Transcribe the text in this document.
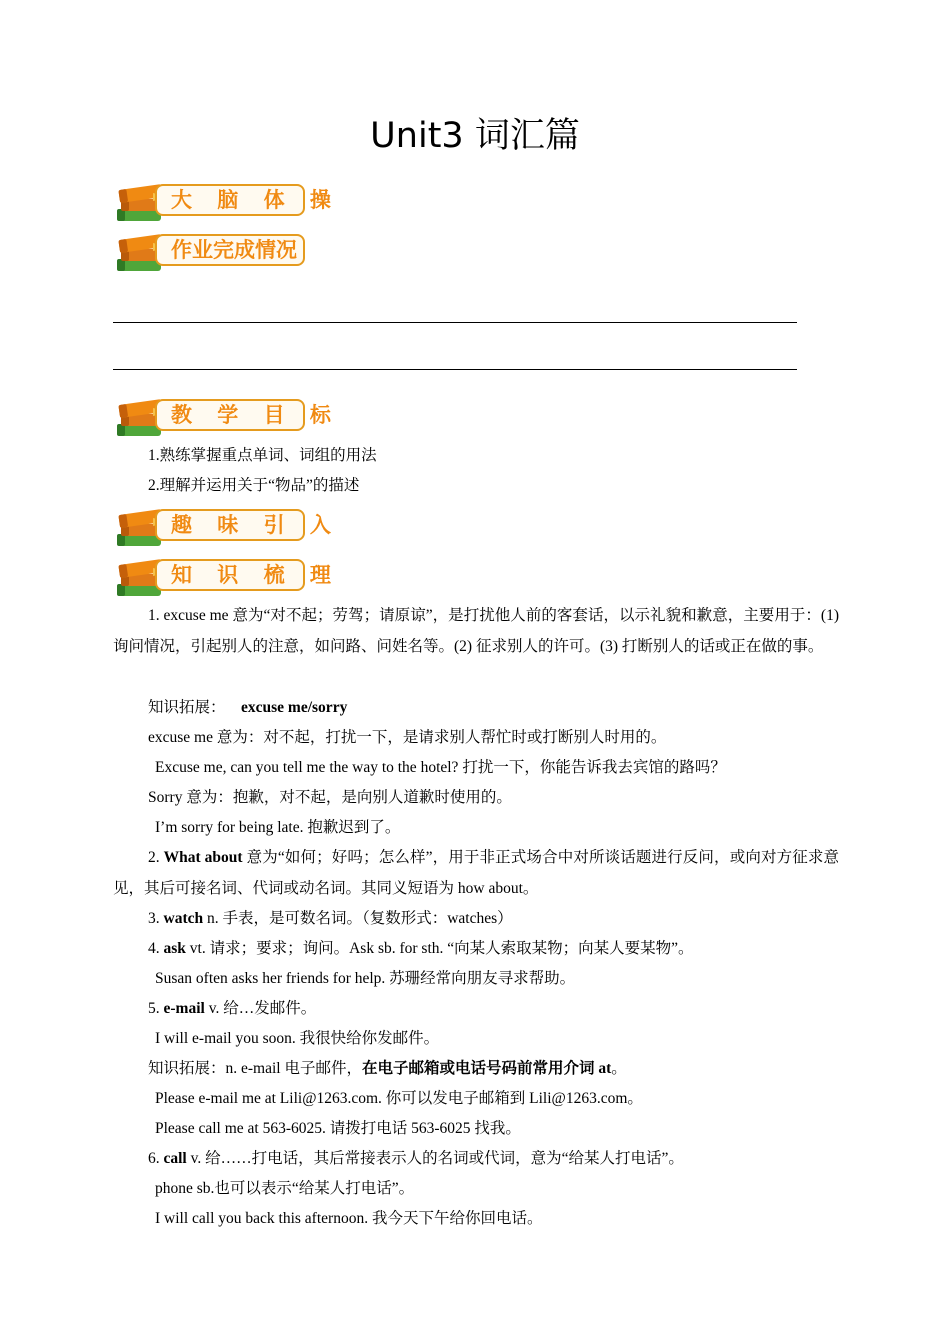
Unit3 词汇篇
大 脑 体 操
作业完成情况
教 学 目 标
1.熟练掌握重点单词、词组的用法
2.理解并运用关于“物品”的描述
趣 味 引 入
知 识 梳 理
1. excuse me 意为“对不起；劳驾；请原谅”，是打扰他人前的客套话，以示礼貌和歉意，主要用于：(1) 询问情况，引起别人的注意，如问路、问姓名等。(2) 征求别人的许可。(3) 打断别人的话或正在做的事。
知识拓展： excuse me/sorry
excuse me 意为：对不起，打扰一下，是请求别人帮忙时或打断别人时用的。
Excuse me, can you tell me the way to the hotel? 打扰一下，你能告诉我去宾馆的路吗？
Sorry 意为：抱歉，对不起，是向别人道歉时使用的。
I’m sorry for being late. 抱歉迟到了。
2. What about 意为“如何；好吗；怎么样”，用于非正式场合中对所谈话题进行反问，或向对方征求意见，其后可接名词、代词或动名词。其同义短语为 how about。
3. watch n. 手表，是可数名词。（复数形式：watches）
4. ask vt. 请求；要求；询问。Ask sb. for sth. “向某人索取某物；向某人要某物”。
Susan often asks her friends for help. 苏珊经常向朋友寻求帮助。
5. e-mail v. 给…发邮件。
I will e-mail you soon. 我很快给你发邮件。
知识拓展：n. e-mail 电子邮件，在电子邮箱或电话号码前常用介词 at。
Please e-mail me at Lili@1263.com. 你可以发电子邮箱到 Lili@1263.com。
Please call me at 563-6025. 请拨打电话 563-6025 找我。
6. call v. 给……打电话，其后常接表示人的名词或代词，意为“给某人打电话”。
phone sb.也可以表示“给某人打电话”。
I will call you back this afternoon. 我今天下午给你回电话。
